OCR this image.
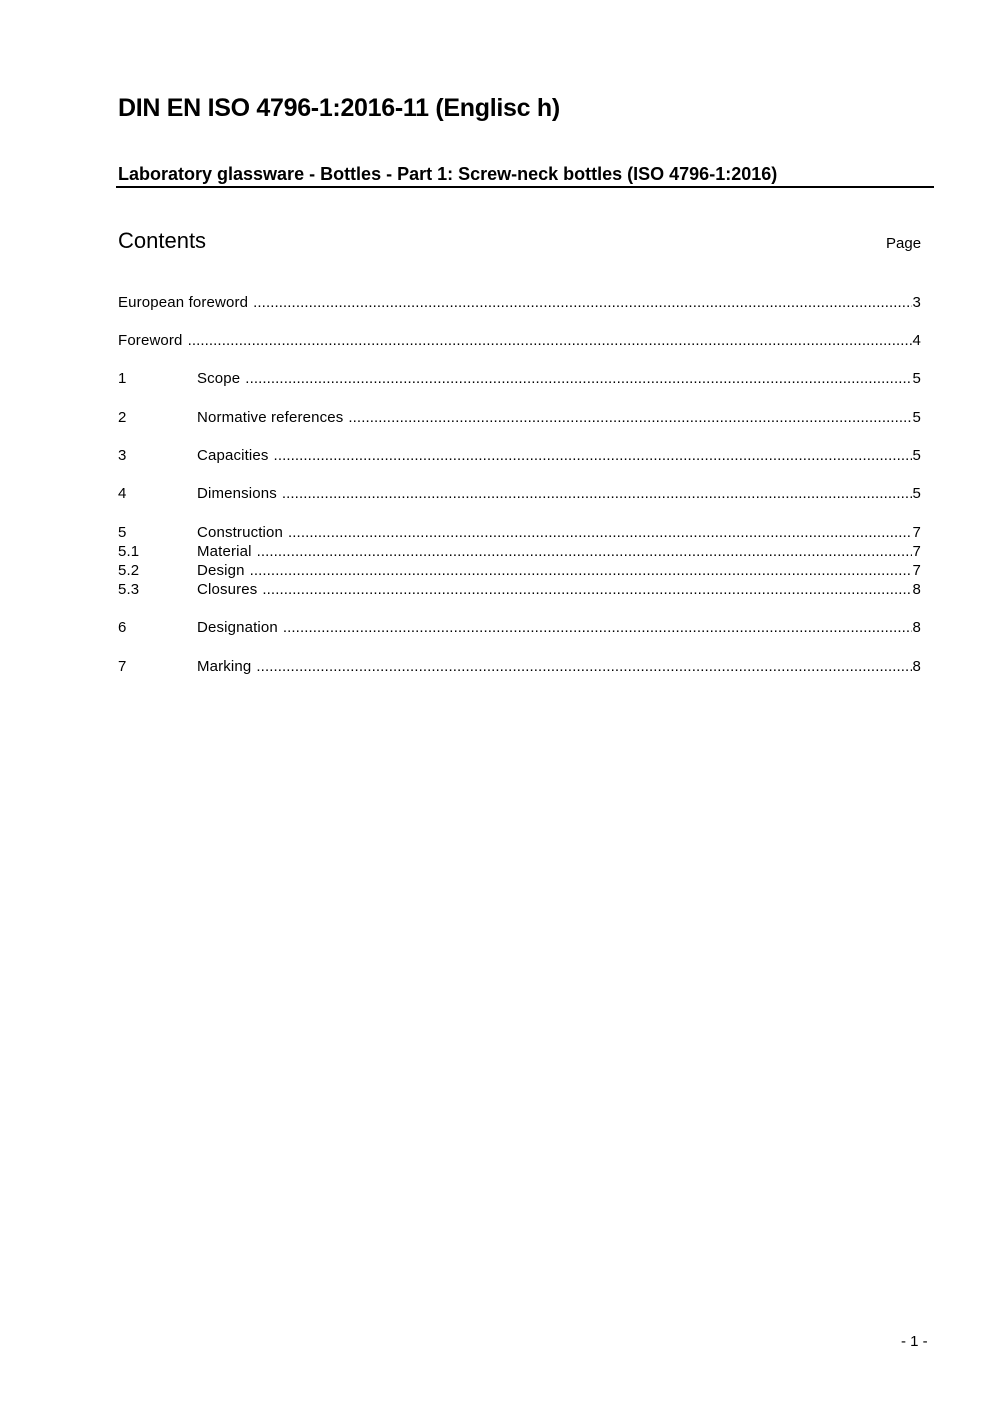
DIN EN ISO 4796-1:2016-11 (Englisc h)
Laboratory glassware - Bottles - Part 1: Screw-neck bottles (ISO 4796-1:2016)
Contents	Page
European foreword .....	3
Foreword .....	4
1	Scope .....	5
2	Normative references .....	5
3	Capacities .....	5
4	Dimensions .....	5
5	Construction .....	7
5.1	Material .....	7
5.2	Design .....	7
5.3	Closures .....	8
6	Designation .....	8
7	Marking .....	8
- 1 -
